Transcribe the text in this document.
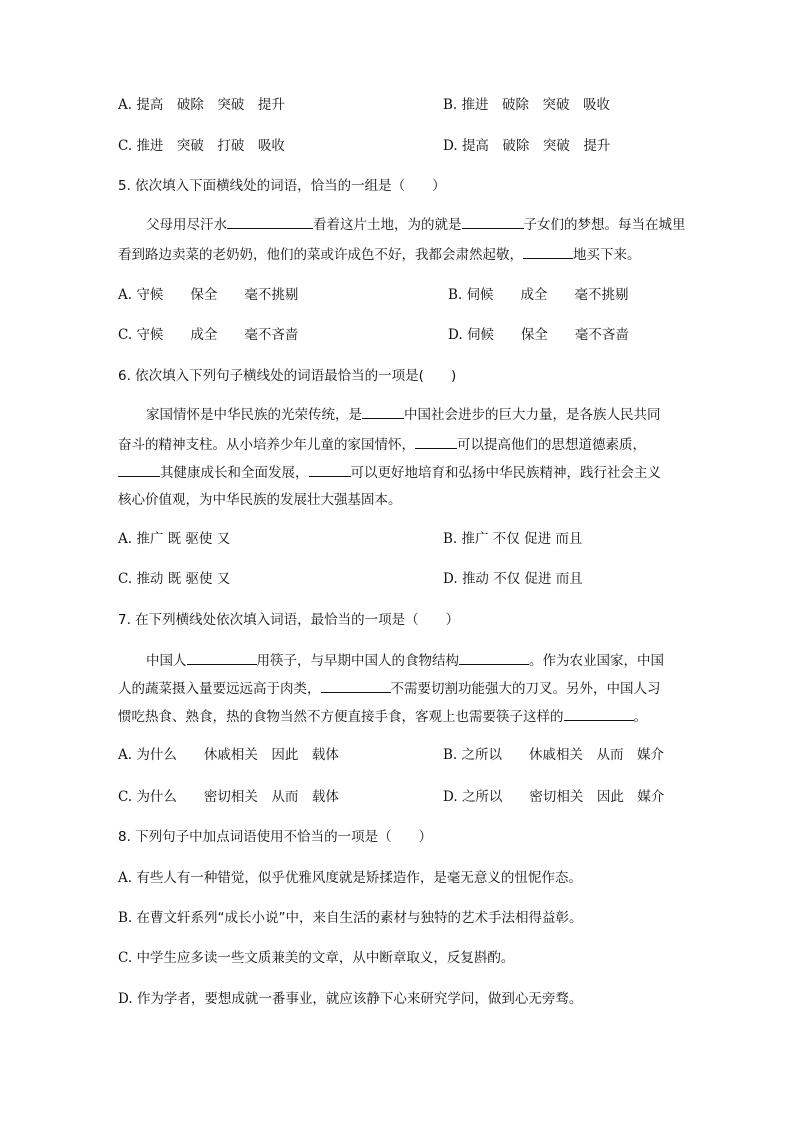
A. 提高　破除　突破　提升	B. 推进　破除　突破　吸收
C. 推进　突破　打破　吸收	D. 提高　破除　突破　提升
5. 依次填入下面横线处的词语，恰当的一组是（　　）
父母用尽汗水	看着这片土地，为的就是	子女们的梦想。每当在城里
看到路边卖菜的老奶奶，他们的菜或许成色不好，我都会肃然起敬，	地买下来。
A. 守候　　保全　　毫不挑剔	B. 伺候　　成全　　毫不挑剔
C. 守候　　成全　　毫不吝啬	D. 伺候　　保全　　毫不吝啬
6. 依次填入下列句子横线处的词语最恰当的一项是(　　)
家国情怀是中华民族的光荣传统，是	中国社会进步的巨大力量，是各族人民共同
奋斗的精神支柱。从小培养少年儿童的家国情怀，	可以提高他们的思想道德素质，
其健康成长和全面发展，	可以更好地培育和弘扬中华民族精神，践行社会主义
核心价值观，为中华民族的发展壮大强基固本。
A. 推广 既 驱使 又	B. 推广 不仅 促进 而且
C. 推动 既 驱使 又	D. 推动 不仅 促进 而且
7. 在下列横线处依次填入词语，最恰当的一项是（　　）
中国人	用筷子，与早期中国人的食物结构	。作为农业国家，中国
人的蔬菜摄入量要远远高于肉类，	不需要切割功能强大的刀叉。另外，中国人习
惯吃热食、熟食，热的食物当然不方便直接手食，客观上也需要筷子这样的	。
A. 为什么　　休戚相关　因此　载体	B. 之所以　　休戚相关　从而　媒介
C. 为什么　　密切相关　从而　载体	D. 之所以　　密切相关　因此　媒介
8. 下列句子中加点词语使用不恰当的一项是（　　）
A. 有些人有一种错觉，似乎优雅风度就是矫揉造作，是毫无意义的忸怩作态。
B. 在曹文轩系列“成长小说”中，来自生活的素材与独特的艺术手法相得益彰。
C. 中学生应多读一些文质兼美的文章，从中断章取义，反复斟酌。
D. 作为学者，要想成就一番事业，就应该静下心来研究学问，做到心无旁骛。
